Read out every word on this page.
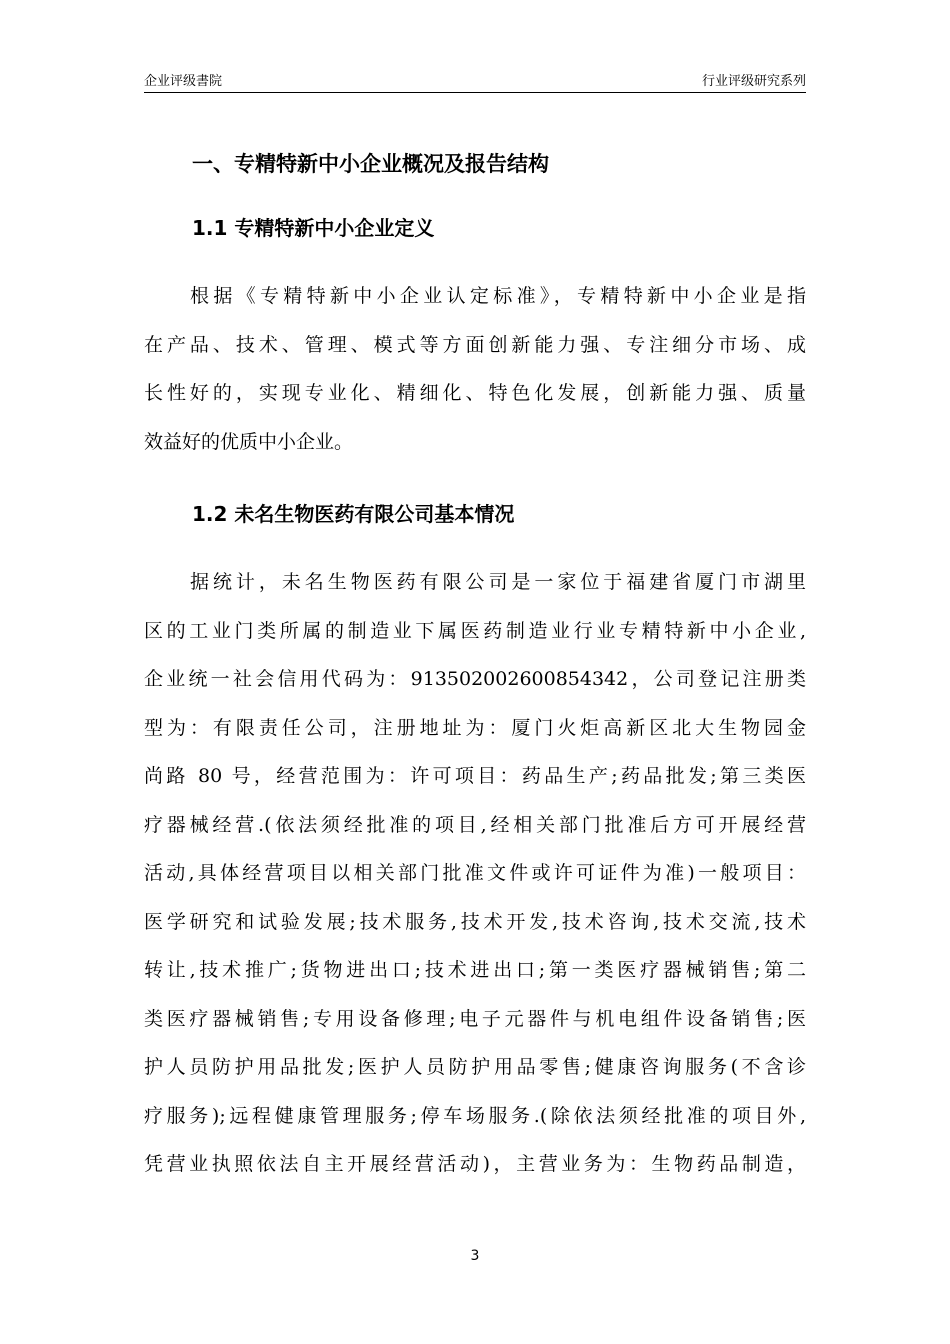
企业评级書院	行业评级研究系列
一、专精特新中小企业概况及报告结构
1.1 专精特新中小企业定义
根据《专精特新中小企业认定标准》，专精特新中小企业是指
在产品、技术、管理、模式等方面创新能力强、专注细分市场、成
长性好的，实现专业化、精细化、特色化发展，创新能力强、质量
效益好的优质中小企业。
1.2 未名生物医药有限公司基本情况
据统计，未名生物医药有限公司是一家位于福建省厦门市湖里
区的工业门类所属的制造业下属医药制造业行业专精特新中小企业,
企业统一社会信用代码为：913502002600854342，公司登记注册类
型为：有限责任公司，注册地址为：厦门火炬高新区北大生物园金
尚路 80 号，经营范围为：许可项目：药品生产;药品批发;第三类医
疗器械经营.(依法须经批准的项目,经相关部门批准后方可开展经营
活动,具体经营项目以相关部门批准文件或许可证件为准)一般项目：
医学研究和试验发展;技术服务,技术开发,技术咨询,技术交流,技术
转让,技术推广;货物进出口;技术进出口;第一类医疗器械销售;第二
类医疗器械销售;专用设备修理;电子元器件与机电组件设备销售;医
护人员防护用品批发;医护人员防护用品零售;健康咨询服务(不含诊
疗服务);远程健康管理服务;停车场服务.(除依法须经批准的项目外,
凭营业执照依法自主开展经营活动)，主营业务为：生物药品制造，
3
